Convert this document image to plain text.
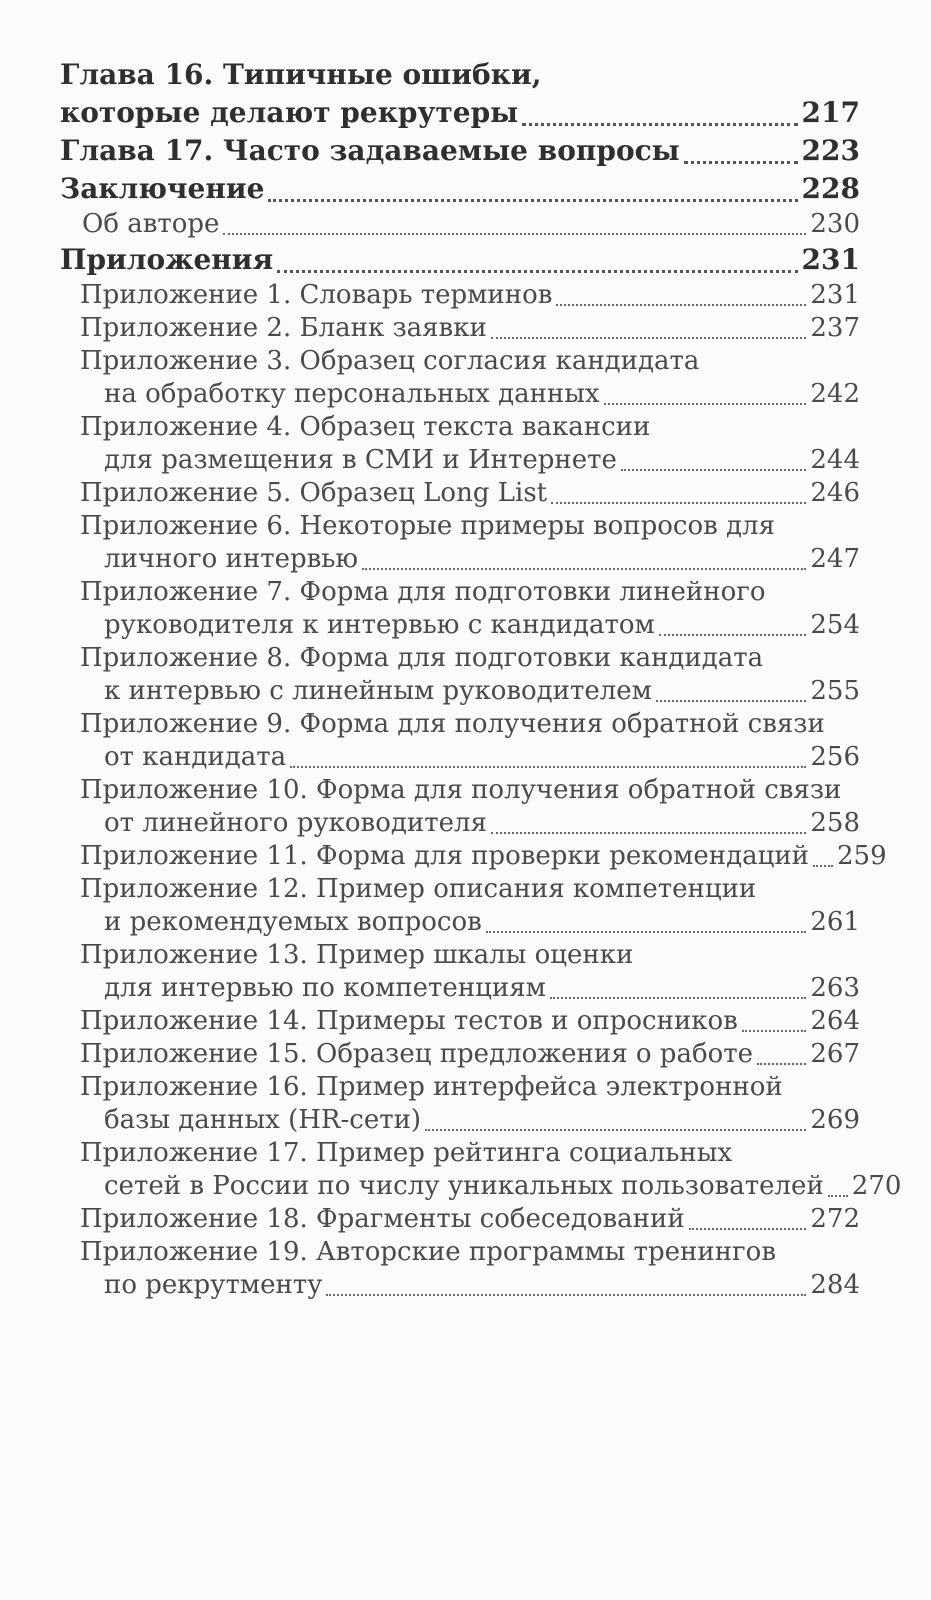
Глава 16. Типичные ошибки,
которые делают рекрутеры	217
Глава 17. Часто задаваемые вопросы	223
Заключение	228
Об авторе	230
Приложения	231
Приложение 1. Словарь терминов	231
Приложение 2. Бланк заявки	237
Приложение 3. Образец согласия кандидата
на обработку персональных данных	242
Приложение 4. Образец текста вакансии
для размещения в СМИ и Интернете	244
Приложение 5. Образец Long List	246
Приложение 6. Некоторые примеры вопросов для
личного интервью	247
Приложение 7. Форма для подготовки линейного
руководителя к интервью с кандидатом	254
Приложение 8. Форма для подготовки кандидата
к интервью с линейным руководителем	255
Приложение 9. Форма для получения обратной связи
от кандидата	256
Приложение 10. Форма для получения обратной связи
от линейного руководителя	258
Приложение 11. Форма для проверки рекомендаций 259
Приложение 12. Пример описания компетенции
и рекомендуемых вопросов	261
Приложение 13. Пример шкалы оценки
для интервью по компетенциям	263
Приложение 14. Примеры тестов и опросников	264
Приложение 15. Образец предложения о работе 267
Приложение 16. Пример интерфейса электронной
базы данных (HR-сети)	269
Приложение 17. Пример рейтинга социальных
сетей в России по числу уникальных пользователей 270
Приложение 18. Фрагменты собеседований	272
Приложение 19. Авторские программы тренингов
по рекрутменту	284
